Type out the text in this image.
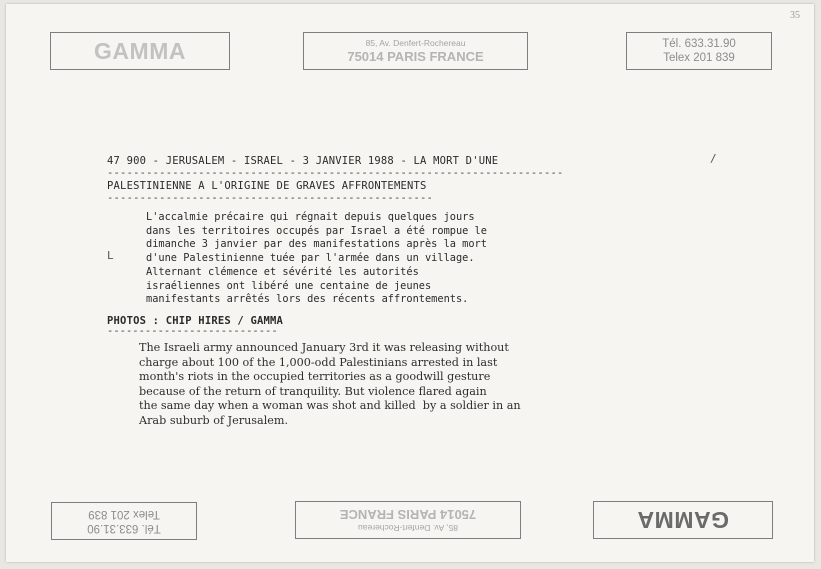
35
GAMMA	85, Av. Denfert-Rochereau
75014 PARIS FRANCE
Tél. 633.31.90
Telex 201 839
Tél. 633.31.90
Telex 201 839
85, Av. Denfert-Rochereau
75014 PARIS FRANCE	GAMMA
47 900 - JERUSALEM - ISRAEL - 3 JANVIER 1988 - LA MORT D'UNE
----------------------------------------------------------------------
PALESTINIENNE A L'ORIGINE DE GRAVES AFFRONTEMENTS
--------------------------------------------------
/
L
L'accalmie précaire qui régnait depuis quelques jours
dans les territoires occupés par Israel a été rompue le
dimanche 3 janvier par des manifestations après la mort
d'une Palestinienne tuée par l'armée dans un village.
Alternant clémence et sévérité les autorités
israéliennes ont libéré une centaine de jeunes
manifestants arrêtés lors des récents affrontements.
PHOTOS : CHIP HIRES / GAMMA
---------------------------
The Israeli army announced January 3rd it was releasing without
charge about 100 of the 1,000-odd Palestinians arrested in last
month's riots in the occupied territories as a goodwill gesture
because of the return of tranquility. But violence flared again
the same day when a woman was shot and killed  by a soldier in an
Arab suburb of Jerusalem.
